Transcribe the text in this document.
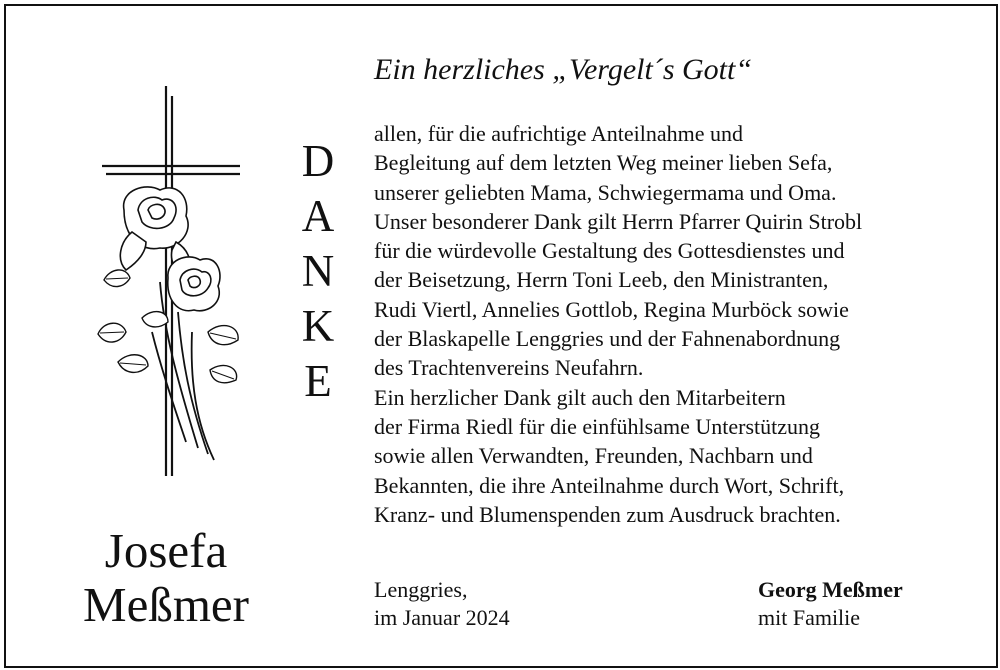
D
A
N
K
E
Ein herzliches „Vergelt´s Gott“
allen, für die aufrichtige Anteilnahme und
Begleitung auf dem letzten Weg meiner lieben Sefa,
unserer geliebten Mama, Schwiegermama und Oma.
Unser besonderer Dank gilt Herrn Pfarrer Quirin Strobl
für die würdevolle Gestaltung des Gottesdienstes und
der Beisetzung, Herrn Toni Leeb, den Ministranten,
Rudi Viertl, Annelies Gottlob, Regina Murböck sowie
der Blaskapelle Lenggries und der Fahnenabordnung
des Trachtenvereins Neufahrn.
Ein herzlicher Dank gilt auch den Mitarbeitern
der Firma Riedl für die einfühlsame Unterstützung
sowie allen Verwandten, Freunden, Nachbarn und
Bekannten, die ihre Anteilnahme durch Wort, Schrift,
Kranz- und Blumenspenden zum Ausdruck brachten.
Josefa
Meßmer	Lenggries,
im Januar 2024
Georg Meßmer
mit Familie
